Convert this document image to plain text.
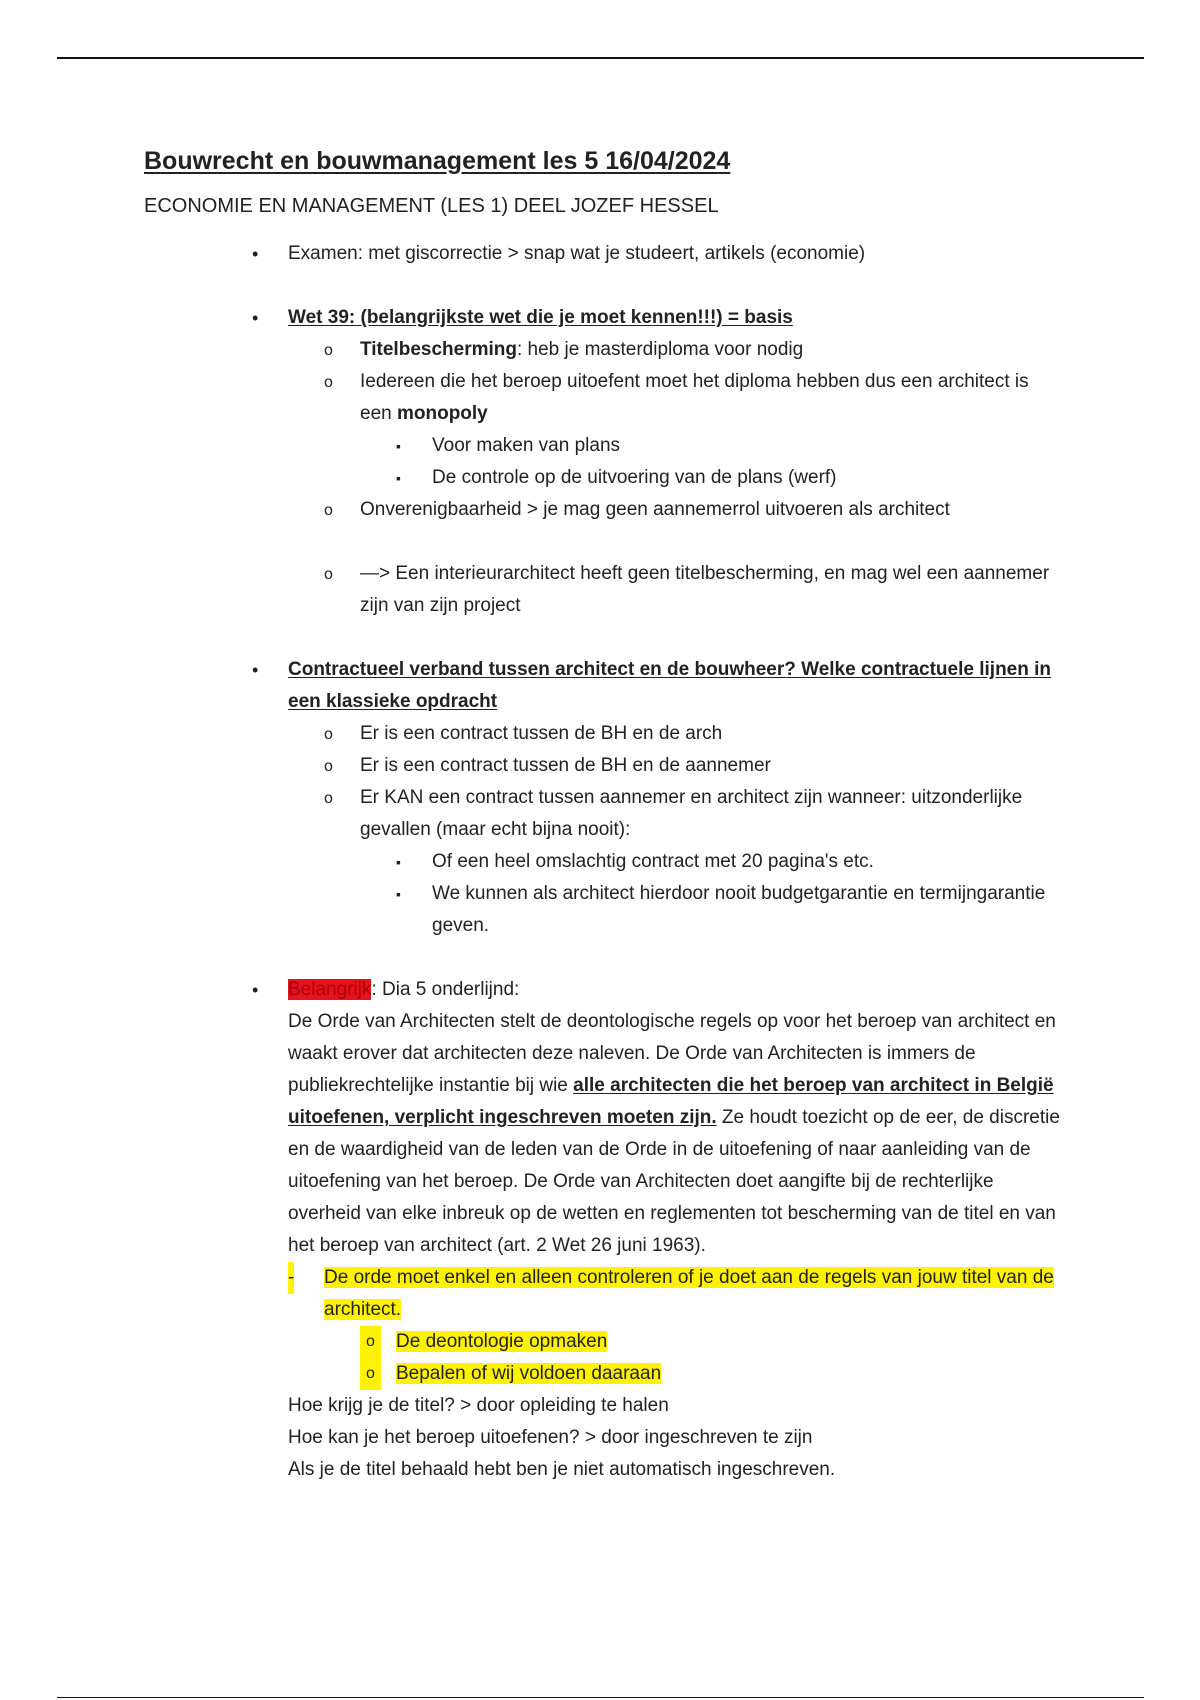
Bouwrecht en bouwmanagement les 5 16/04/2024
ECONOMIE EN MANAGEMENT (LES 1) DEEL JOZEF HESSEL
• Examen: met giscorrectie > snap wat je studeert, artikels (economie)
• Wet 39: (belangrijkste wet die je moet kennen!!!) = basis
o Titelbescherming: heb je masterdiploma voor nodig
o Iedereen die het beroep uitoefent moet het diploma hebben dus een architect is een monopoly
▪ Voor maken van plans
▪ De controle op de uitvoering van de plans (werf)
o Onverenigbaarheid > je mag geen aannemerrol uitvoeren als architect
o —> Een interieurarchitect heeft geen titelbescherming, en mag wel een aannemer zijn van zijn project
• Contractueel verband tussen architect en de bouwheer? Welke contractuele lijnen in een klassieke opdracht
o Er is een contract tussen de BH en de arch
o Er is een contract tussen de BH en de aannemer
o Er KAN een contract tussen aannemer en architect zijn wanneer: uitzonderlijke gevallen (maar echt bijna nooit):
▪ Of een heel omslachtig contract met 20 pagina's etc.
▪ We kunnen als architect hierdoor nooit budgetgarantie en termijngarantie geven.
• Belangrijk: Dia 5 onderlijnd:
De Orde van Architecten stelt de deontologische regels op voor het beroep van architect en waakt erover dat architecten deze naleven. De Orde van Architecten is immers de publiekrechtelijke instantie bij wie alle architecten die het beroep van architect in België uitoefenen, verplicht ingeschreven moeten zijn. Ze houdt toezicht op de eer, de discretie en de waardigheid van de leden van de Orde in de uitoefening of naar aanleiding van de uitoefening van het beroep. De Orde van Architecten doet aangifte bij de rechterlijke overheid van elke inbreuk op de wetten en reglementen tot bescherming van de titel en van het beroep van architect (art. 2 Wet 26 juni 1963).
- De orde moet enkel en alleen controleren of je doet aan de regels van jouw titel van de architect.
o	De deontologie opmaken
o	Bepalen of wij voldoen daaraan
Hoe krijg je de titel? > door opleiding te halen
Hoe kan je het beroep uitoefenen? > door ingeschreven te zijn
Als je de titel behaald hebt ben je niet automatisch ingeschreven.
